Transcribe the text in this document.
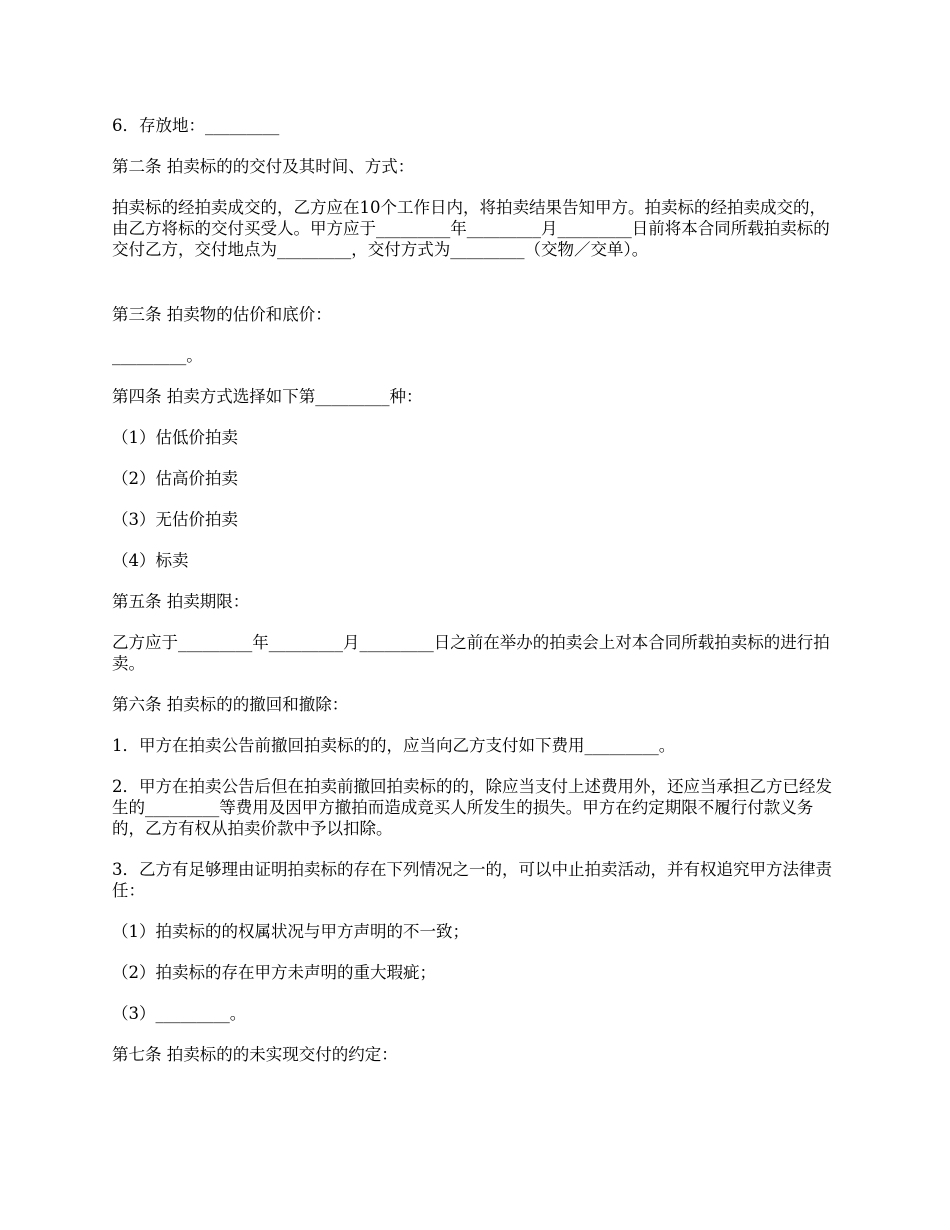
6．存放地：_________

第二条 拍卖标的的交付及其时间、方式：

拍卖标的经拍卖成交的，乙方应在10个工作日内，将拍卖结果告知甲方。拍卖标的经拍卖成交的，由乙方将标的交付买受人。甲方应于_________年_________月_________日前将本合同所载拍卖标的交付乙方，交付地点为_________，交付方式为_________（交物／交单）。

第三条 拍卖物的估价和底价：

_________。

第四条 拍卖方式选择如下第_________种：

（1）估低价拍卖

（2）估高价拍卖

（3）无估价拍卖

（4）标卖

第五条 拍卖期限：

乙方应于_________年_________月_________日之前在举办的拍卖会上对本合同所载拍卖标的进行拍卖。

第六条 拍卖标的的撤回和撤除：

1．甲方在拍卖公告前撤回拍卖标的的，应当向乙方支付如下费用_________。

2．甲方在拍卖公告后但在拍卖前撤回拍卖标的的，除应当支付上述费用外，还应当承担乙方已经发生的_________等费用及因甲方撤拍而造成竞买人所发生的损失。甲方在约定期限不履行付款义务的，乙方有权从拍卖价款中予以扣除。

3．乙方有足够理由证明拍卖标的存在下列情况之一的，可以中止拍卖活动，并有权追究甲方法律责任：

（1）拍卖标的的权属状况与甲方声明的不一致；

（2）拍卖标的存在甲方未声明的重大瑕疵；

（3）_________。

第七条 拍卖标的的未实现交付的约定：
